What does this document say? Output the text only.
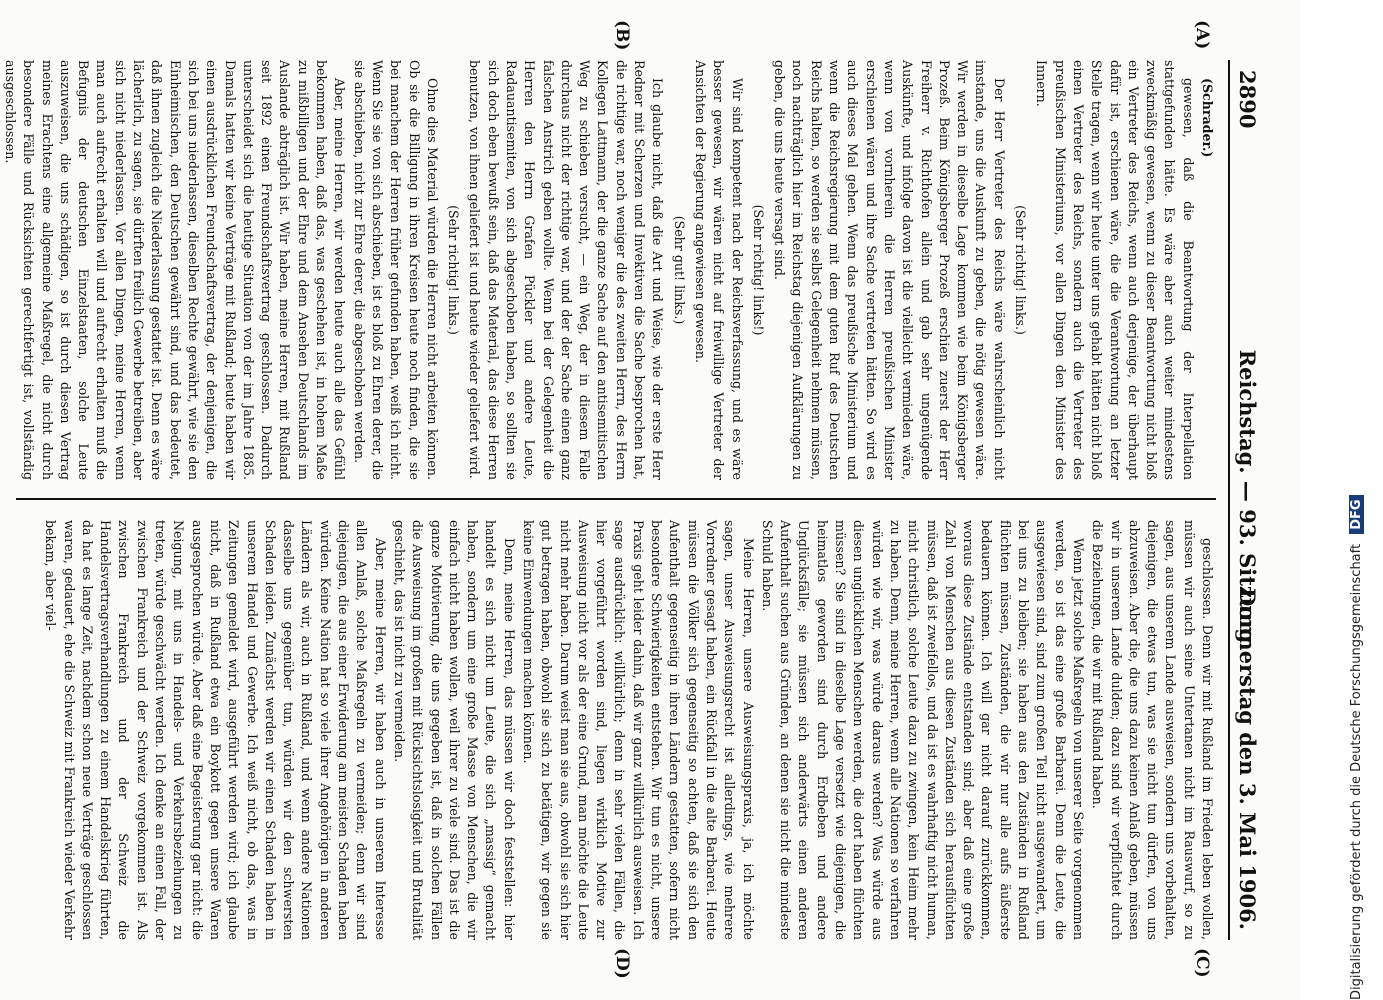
2890
Reichstag. — 93. Sitzung.
Donnerstag den 3. Mai 1906.
(A)
(B)
(C)
(D)

(Schrader.)

gewesen, daß die Beantwortung der Interpellation stattgefunden hätte. Es wäre aber auch weiter mindestens zweckmäßig gewesen, wenn zu dieser Beantwortung nicht bloß ein Vertreter des Reichs, wenn auch derjenige, der überhaupt dafür ist, erschienen wäre, die die Verantwortung an letzter Stelle tragen, wenn wir heute unter uns gehabt hätten nicht bloß einen Vertreter des Reichs, sondern auch die Vertreter des preußischen Ministeriums, vor allen Dingen den Minister des Innern.

(Sehr richtig! links.)

Der Herr Vertreter des Reichs wäre wahrscheinlich nicht imstande, uns die Auskunft zu geben, die nötig gewesen wäre. Wir werden in dieselbe Lage kommen wie beim Königsberger Prozeß. Beim Königsberger Prozeß erschien zuerst der Herr Freiherr v. Richthofen allein und gab sehr ungenügende Auskünfte, und infolge davon ist die vielleicht vermieden wäre, wenn von vornherein die Herren preußischen Minister erschienen wären und ihre Sache vertreten hätten. So wird es auch dieses Mal gehen. Wenn das preußische Ministerium und wenn die Reichsregierung mit dem guten Ruf des Deutschen Reichs halten, so werden sie selbst Gelegenheit nehmen müssen, noch nachträglich hier im Reichstag diejenigen Aufklärungen zu geben, die uns heute versagt sind.

(Sehr richtig! links!)

Wir sind kompetent nach der Reichsverfassung, und es wäre besser gewesen, wir wären nicht auf freiwillige Vertreter der Ansichten der Regierung angewiesen gewesen.

(Sehr gut! links.)

Ich glaube nicht, daß die Art und Weise, wie der erste Herr Redner mit Scherzen und Invektiven die Sache besprochen hat, die richtige war, noch weniger die des zweiten Herrn, des Herrn Kollegen Lattmann, der die ganze Sache auf den antisemitischen Weg zu schieben versucht, — ein Weg, der in diesem Falle durchaus nicht der richtige war, und der der Sache einen ganz falschen Anstrich geben wollte. Wenn bei der Gelegenheit die Herren den Herrn Grafen Pückler und andere Leute, Radauantisemiten, von sich abgeschoben haben, so sollten sie sich doch eben bewußt sein, daß das Material, das diese Herren benutzen, von ihnen geliefert ist und heute wieder geliefert wird.

(Sehr richtig! links.)

Ohne dies Material würden die Herren nicht arbeiten können. Ob sie die Billigung in ihren Kreisen heute noch finden, die sie bei manchem der Herren früher gefunden haben, weiß ich nicht. Wenn Sie sie von sich abschieben, ist es bloß zu Ehren derer, die sie abschieben, nicht zur Ehre derer, die abgeschoben werden.

Aber, meine Herren, wir werden heute auch alle das Gefühl bekommen haben, daß das, was geschehen ist, in hohem Maße zu mißbilligen und der Ehre und dem Ansehen Deutschlands im Auslande abträglich ist. Wir haben, meine Herren, mit Rußland seit 1892 einen Freundschaftsvertrag geschlossen. Dadurch unterscheidet sich die heutige Situation von der im Jahre 1885. Damals hatten wir keine Verträge mit Rußland; heute haben wir einen ausdrücklichen Freundschaftsvertrag, der denjenigen, die sich bei uns niederlassen, dieselben Rechte gewährt, wie sie den Einheimischen, den Deutschen gewährt sind, und das bedeutet, daß ihnen zugleich die Niederlassung gestattet ist. Denn es wäre lächerlich, zu sagen, sie dürften freilich Gewerbe betreiben, aber sich nicht niederlassen. Vor allen Dingen, meine Herren, wenn man auch aufrecht erhalten will und aufrecht erhalten muß die Befugnis der deutschen Einzelstaaten, solche Leute auszuweisen, die uns schädigen, so ist durch diesen Vertrag meines Erachtens eine allgemeine Maßregel, die nicht durch besondere Fälle und Rücksichten gerechtfertigt ist, vollständig ausgeschlossen.

geschlossen. Denn wir mit Rußland im Frieden leben wollen, müssen wir auch seine Untertanen nicht im Rauswurf, so zu sagen, aus unserem Lande ausweisen, sondern uns vorbehalten, diejenigen, die etwas tun, was sie nicht tun dürfen, von uns abzuweisen. Aber die, die uns dazu keinen Anlaß geben, müssen wir in unserem Lande dulden; dazu sind wir verpflichtet durch die Beziehungen, die wir mit Rußland haben.

Wenn jetzt solche Maßregeln von unserer Seite vorgenommen werden, so ist das eine große Barbarei. Denn die Leute, die ausgewiesen sind, sind zum großen Teil nicht ausgewandert, um bei uns zu bleiben; sie haben aus den Zuständen in Rußland flüchten müssen, Zuständen, die wir nur alle aufs äußerste bedauern können. Ich will gar nicht darauf zurückkommen, woraus diese Zustände entstanden sind; aber daß eine große Zahl von Menschen aus diesen Zuständen sich herausflüchten müssen, daß ist zweifellos, und da ist es wahrhaftig nicht human, nicht christlich, solche Leute dazu zu zwingen, kein Heim mehr zu haben. Denn, meine Herren, wenn alle Nationen so verfahren würden wie wir, was würde daraus werden? Was würde aus diesen unglücklichen Menschen werden, die dort haben flüchten müssen? Sie sind in dieselbe Lage versetzt wie diejenigen, die heimatlos geworden sind durch Erdbeben und andere Unglücksfälle; sie müssen sich anderwärts einen anderen Aufenthalt suchen aus Gründen, an denen sie nicht die mindeste Schuld haben.

Meine Herren, unsere Ausweisungspraxis, ja, ich möchte sagen, unser Ausweisungsrecht ist allerdings, wie mehrere Vorredner gesagt haben, ein Rückfall in die alte Barbarei. Heute müssen die Völker sich gegenseitig so achten, daß sie sich den Aufenthalt gegenseitig in ihren Ländern gestatten, sofern nicht besondere Schwierigkeiten entstehen. Wir tun es nicht, unsere Praxis geht leider dahin, daß wir ganz willkürlich ausweisen. Ich sage ausdrücklich: willkürlich; denn in sehr vielen Fällen, die hier vorgeführt worden sind, liegen wirklich Motive zur Ausweisung nicht vor als der eine Grund, man möchte die Leute nicht mehr haben. Darum weist man sie aus, obwohl sie sich hier gut betragen haben, obwohl sie sich zu betätigen, wir gegen sie keine Einwendungen machen können.

Denn, meine Herren, das müssen wir doch feststellen: hier handelt es sich nicht um Leute, die sich „massig“ gemacht haben, sondern um eine große Masse von Menschen, die wir einfach nicht haben wollen, weil ihrer zu viele sind. Das ist die ganze Motivierung, die uns gegeben ist, daß in solchen Fällen die Ausweisung im großen mit Rücksichtslosigkeit und Brutalität geschieht, das ist nicht zu vermeiden.

Aber, meine Herren, wir haben auch in unserem Interesse allen Anlaß, solche Maßregeln zu vermeiden; denn wir sind diejenigen, die aus einer Erwiderung am meisten Schaden haben würden. Keine Nation hat so viele ihrer Angehörigen in anderen Ländern als wir, auch in Rußland, und wenn andere Nationen dasselbe uns gegenüber tun, würden wir den schwersten Schaden leiden. Zunächst werden wir einen Schaden haben in unserem Handel und Gewerbe. Ich weiß nicht, ob das, was in Zeitungen gemeldet wird, ausgeführt werden wird; ich glaube nicht, daß in Rußland etwa ein Boykott gegen unsere Waren ausgesprochen würde. Aber daß eine Begeisterung gar nicht: die Neigung, mit uns in Handels- und Verkehrsbeziehungen zu treten, würde geschwächt werden. Ich denke an einen Fall, der zwischen Frankreich und der Schweiz vorgekommen ist. Als zwischen Frankreich und der Schweiz die Handelsvertragsverhandlungen zu einem Handelskrieg führten, da hat es lange Zeit, nachdem schon neue Verträge geschlossen waren, gedauert, ehe die Schweiz mit Frankreich wieder Verkehr bekam, aber viel-	Digitalisierung gefördert durch die Deutsche Forschungsgemeinschaft DFG
